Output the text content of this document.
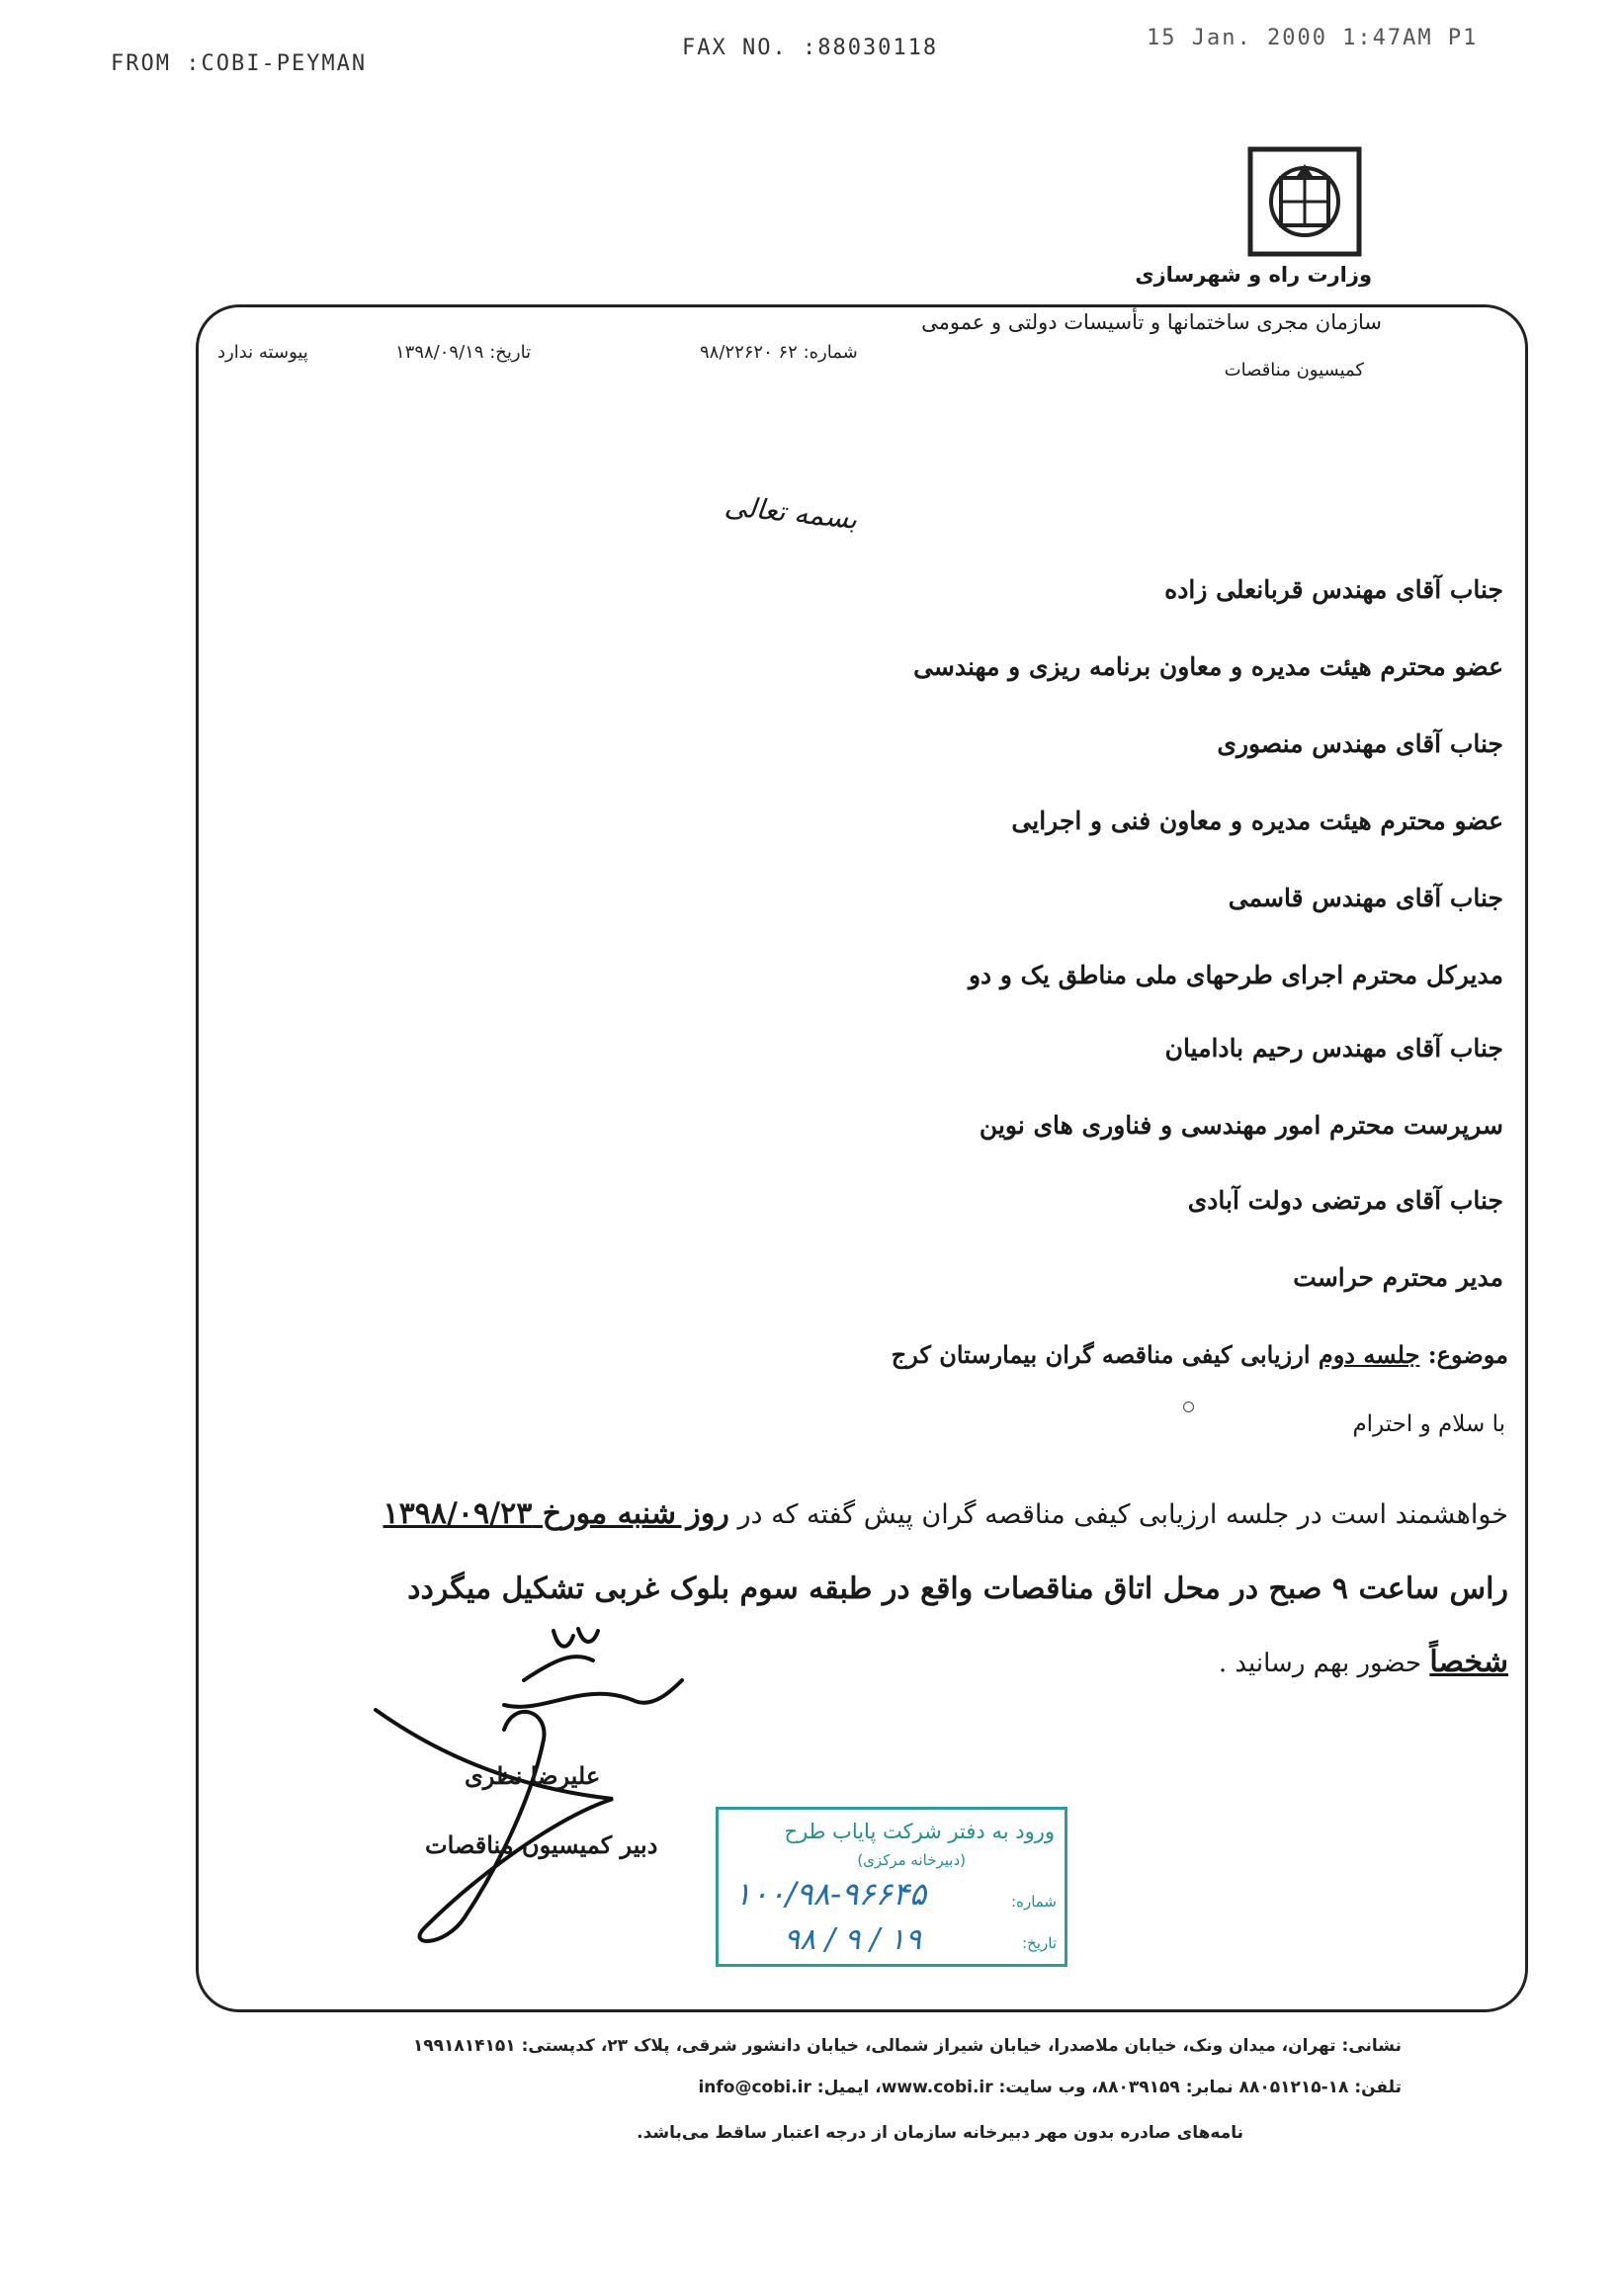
FROM :COBI-PEYMAN
FAX NO. :88030118	15 Jan. 2000 1:47AM P1
وزارت راه و شهرسازی
سازمان مجری ساختمانها و تأسیسات دولتی و عمومی
کمیسیون مناقصات
شماره: ۶۲ ۹۸/۲۲۶۲۰
تاریخ: ۱۳۹۸/۰۹/۱۹
پیوسته ندارد
بسمه تعالی
جناب آقای مهندس قربانعلی زاده
عضو محترم هیئت مدیره و معاون برنامه ریزی و مهندسی
جناب آقای مهندس منصوری
عضو محترم هیئت مدیره و معاون فنی و اجرایی
جناب آقای مهندس قاسمی
مدیرکل محترم اجرای طرحهای ملی مناطق یک و دو
جناب آقای مهندس رحیم بادامیان
سرپرست محترم امور مهندسی و فناوری های نوین
جناب آقای مرتضی دولت آبادی
مدیر محترم حراست
موضوع: جلسه دوم ارزیابی کیفی مناقصه گران بیمارستان کرج
با سلام و احترام
خواهشمند است در جلسه ارزیابی کیفی مناقصه گران پیش گفته که در روز شنبه مورخ ۱۳۹۸/۰۹/۲۳
راس ساعت ۹ صبح در محل اتاق مناقصات واقع در طبقه سوم بلوک غربی تشکیل میگردد
شخصاً حضور بهم رسانید .
علیرضا نظری
دبیر کمیسیون مناقصات	ورود به دفتر شرکت پایاب طرح
(دبیرخانه مرکزی)
شماره:
۱۰۰/۹۸-۹۶۶۴۵
تاریخ:
۹۸ / ۹ / ۱۹
نشانی: تهران، میدان ونک، خیابان ملاصدرا، خیابان شیراز شمالی، خیابان دانشور شرقی، پلاک ۲۳، کدپستی: ۱۹۹۱۸۱۴۱۵۱
تلفن: ۱۸-۸۸۰۵۱۲۱۵ نمابر: ۸۸۰۳۹۱۵۹، وب سایت: www.cobi.ir، ایمیل: info@cobi.ir
نامه‌های صادره بدون مهر دبیرخانه سازمان از درجه اعتبار ساقط می‌باشد.
